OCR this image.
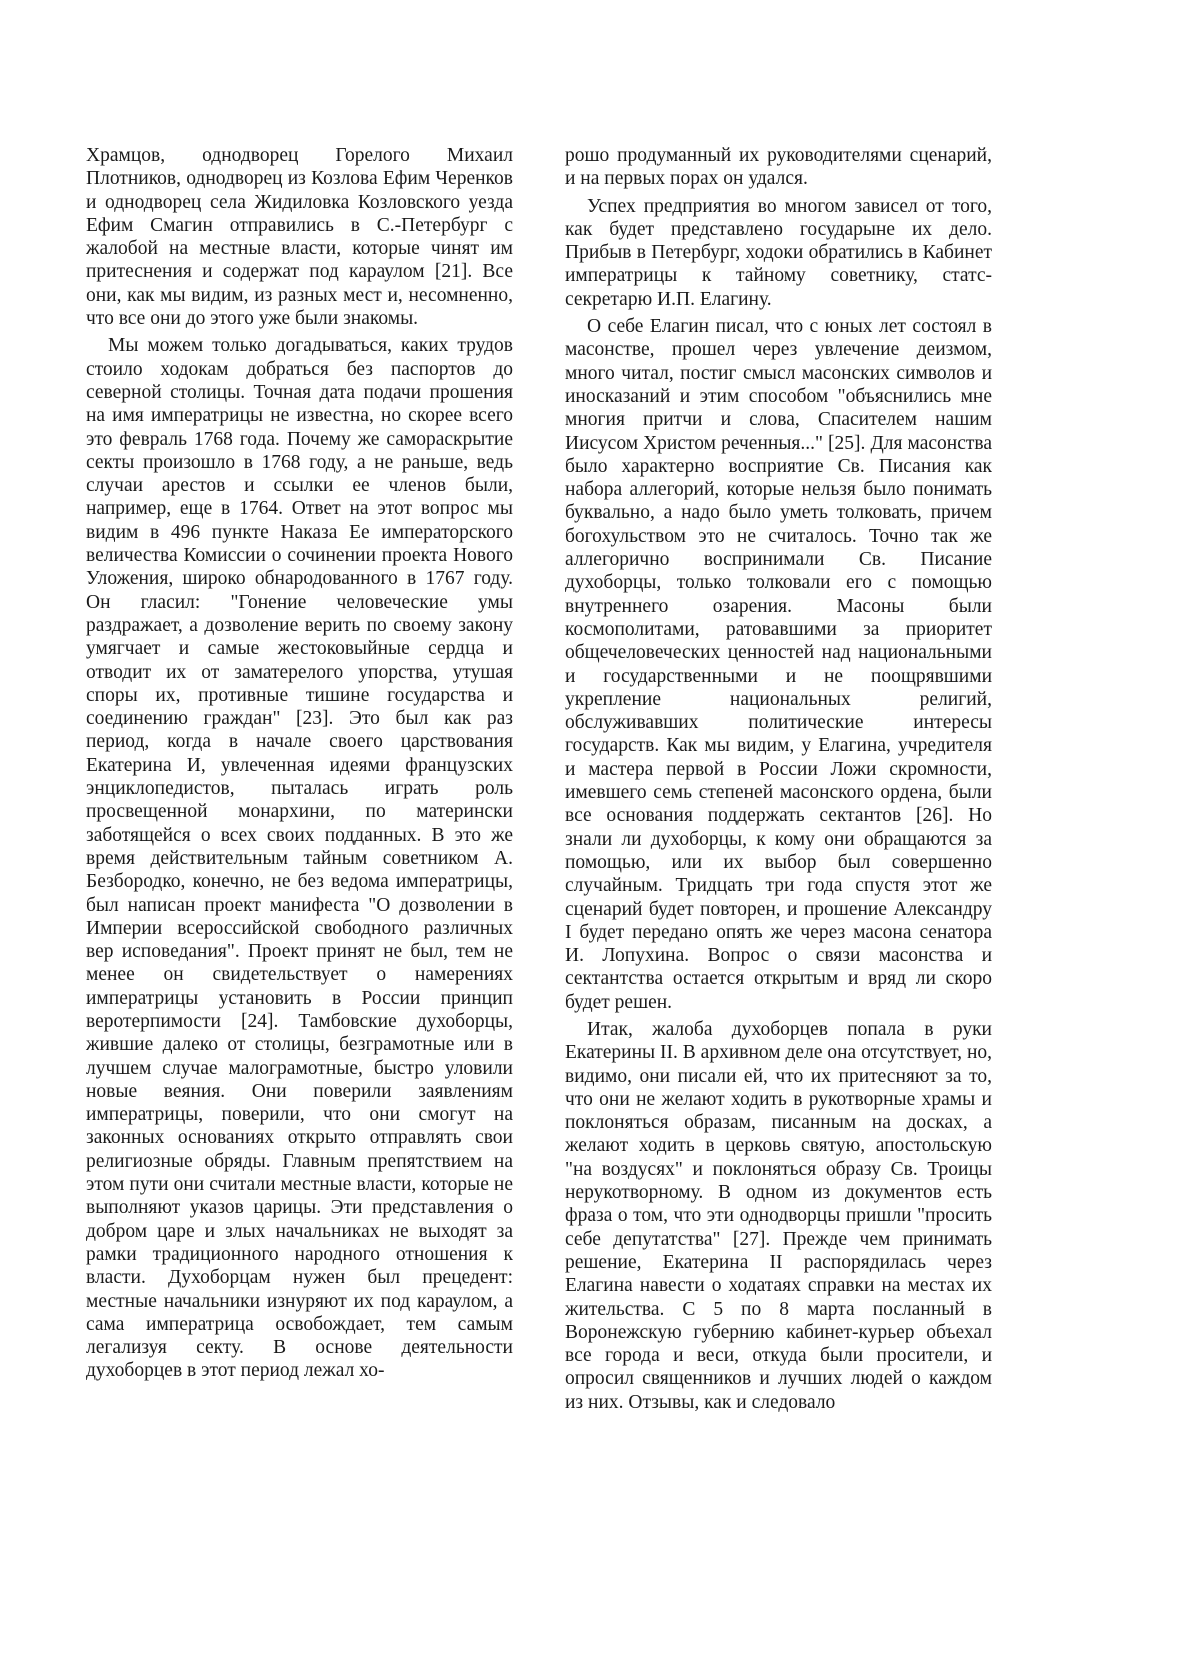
Храмцов, однодворец Горелого Михаил Плотников, однодворец из Козлова Ефим Черенков и однодворец села Жидиловка Козловского уезда Ефим Смагин отправились в С.-Петербург с жалобой на местные власти, которые чинят им притеснения и содержат под караулом [21]. Все они, как мы видим, из разных мест и, несомненно, что все они до этого уже были знакомы.

Мы можем только догадываться, каких трудов стоило ходокам добраться без паспортов до северной столицы. Точная дата подачи прошения на имя императрицы не известна, но скорее всего это февраль 1768 года. Почему же самораскрытие секты произошло в 1768 году, а не раньше, ведь случаи арестов и ссылки ее членов были, например, еще в 1764. Ответ на этот вопрос мы видим в 496 пункте Наказа Ее императорского величества Комиссии о сочинении проекта Нового Уложения, широко обнародованного в 1767 году. Он гласил: "Гонение человеческие умы раздражает, а дозволение верить по своему закону умягчает и самые жестоковыйные сердца и отводит их от заматерелого упорства, утушая споры их, противные тишине государства и соединению граждан" [23]. Это был как раз период, когда в начале своего царствования Екатерина И, увлеченная идеями французских энциклопедистов, пыталась играть роль просвещенной монархини, по матерински заботящейся о всех своих подданных. В это же время действительным тайным советником А. Безбородко, конечно, не без ведома императрицы, был написан проект манифеста "О дозволении в Империи всероссийской свободного различных вер исповедания". Проект принят не был, тем не менее он свидетельствует о намерениях императрицы установить в России принцип веротерпимости [24]. Тамбовские духоборцы, жившие далеко от столицы, безграмотные или в лучшем случае малограмотные, быстро уловили новые веяния. Они поверили заявлениям императрицы, поверили, что они смогут на законных основаниях открыто отправлять свои религиозные обряды. Главным препятствием на этом пути они считали местные власти, которые не выполняют указов царицы. Эти представления о добром царе и злых начальниках не выходят за рамки традиционного народного отношения к власти. Духоборцам нужен был прецедент: местные начальники изнуряют их под караулом, а сама императрица освобождает, тем самым легализуя секту. В основе деятельности духоборцев в этот период лежал хо-

рошо продуманный их руководителями сценарий, и на первых порах он удался.

Успех предприятия во многом зависел от того, как будет представлено государыне их дело. Прибыв в Петербург, ходоки обратились в Кабинет императрицы к тайному советнику, статс-секретарю И.П. Елагину.

О себе Елагин писал, что с юных лет состоял в масонстве, прошел через увлечение деизмом, много читал, постиг смысл масонских символов и иносказаний и этим способом "объяснились мне многия притчи и слова, Спасителем нашим Иисусом Христом реченныя..." [25]. Для масонства было характерно восприятие Св. Писания как набора аллегорий, которые нельзя было понимать буквально, а надо было уметь толковать, причем богохульством это не считалось. Точно так же аллегорично воспринимали Св. Писание духоборцы, только толковали его с помощью внутреннего озарения. Масоны были космополитами, ратовавшими за приоритет общечеловеческих ценностей над национальными и государственными и не поощрявшими укрепление национальных религий, обслуживавших политические интересы государств. Как мы видим, у Елагина, учредителя и мастера первой в России Ложи скромности, имевшего семь степеней масонского ордена, были все основания поддержать сектантов [26]. Но знали ли духоборцы, к кому они обращаются за помощью, или их выбор был совершенно случайным. Тридцать три года спустя этот же сценарий будет повторен, и прошение Александру I будет передано опять же через масона сенатора И. Лопухина. Вопрос о связи масонства и сектантства остается открытым и вряд ли скоро будет решен.

Итак, жалоба духоборцев попала в руки Екатерины II. В архивном деле она отсутствует, но, видимо, они писали ей, что их притесняют за то, что они не желают ходить в рукотворные храмы и поклоняться образам, писанным на досках, а желают ходить в церковь святую, апостольскую "на воздусях" и поклоняться образу Св. Троицы нерукотворному. В одном из документов есть фраза о том, что эти однодворцы пришли "просить себе депутатства" [27]. Прежде чем принимать решение, Екатерина II распорядилась через Елагина навести о ходатаях справки на местах их жительства. С 5 по 8 марта посланный в Воронежскую губернию кабинет-курьер объехал все города и веси, откуда были просители, и опросил священников и лучших людей о каждом из них. Отзывы, как и следовало
